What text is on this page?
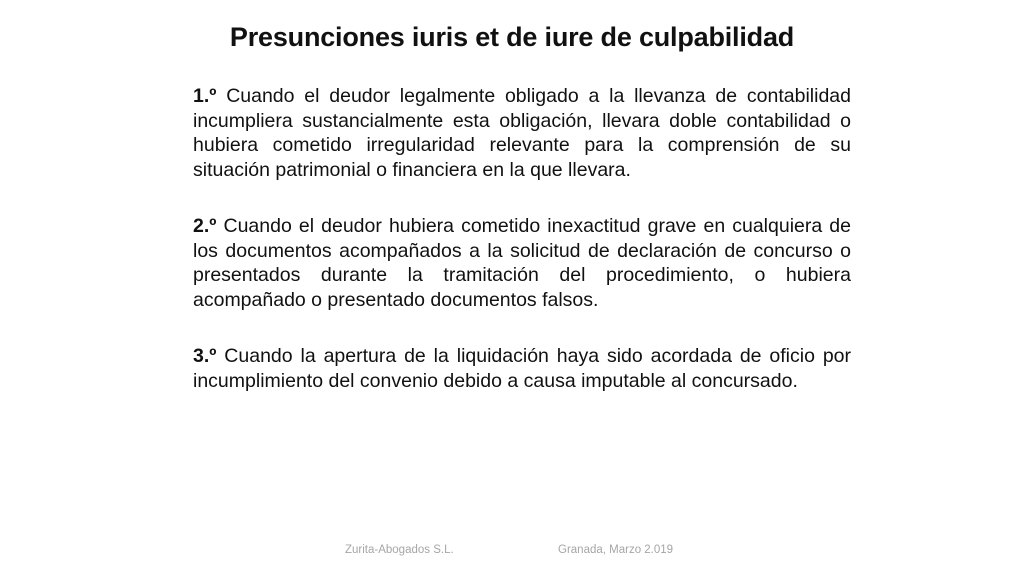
Presunciones iuris et de iure de culpabilidad

1.º Cuando el deudor legalmente obligado a la llevanza de contabilidad incumpliera sustancialmente esta obligación, llevara doble contabilidad o hubiera cometido irregularidad relevante para la comprensión de su situación patrimonial o financiera en la que llevara.

2.º Cuando el deudor hubiera cometido inexactitud grave en cualquiera de los documentos acompañados a la solicitud de declaración de concurso o presentados durante la tramitación del procedimiento, o hubiera acompañado o presentado documentos falsos.

3.º Cuando la apertura de la liquidación haya sido acordada de oficio por incumplimiento del convenio debido a causa imputable al concursado.

Zurita-Abogados S.L.	Granada, Marzo 2.019
